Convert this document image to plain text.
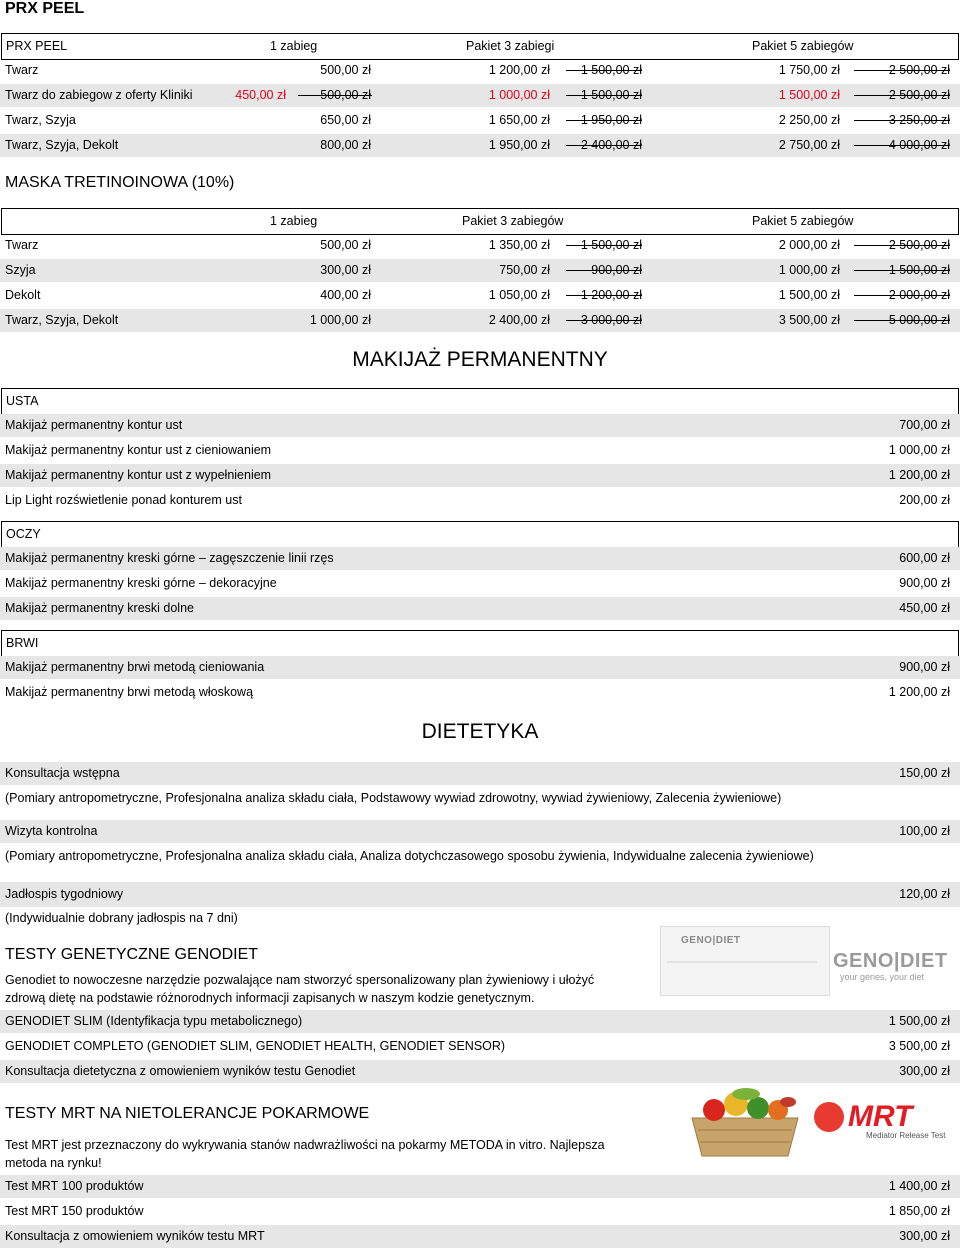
PRX PEEL
PRX PEEL	1 zabieg	Pakiet 3 zabiegi	Pakiet 5 zabiegów
Twarz	500,00 zł	1 200,00 zł 1 500,00 zł	1 750,00 zł	2 500,00 zł
Twarz do zabiegow z oferty Kliniki	450,00 zł	500,00 zł	1 000,00 zł 1 500,00 zł	1 500,00 zł	2 500,00 zł
Twarz, Szyja	650,00 zł	1 650,00 zł 1 950,00 zł	2 250,00 zł	3 250,00 zł
Twarz, Szyja, Dekolt	800,00 zł	1 950,00 zł 2 400,00 zł	2 750,00 zł	4 000,00 zł
MASKA TRETINOINOWA (10%)
1 zabieg	Pakiet 3 zabiegów	Pakiet 5 zabiegów
Twarz	500,00 zł	1 350,00 zł 1 500,00 zł	2 000,00 zł	2 500,00 zł
Szyja	300,00 zł	750,00 zł	900,00 zł	1 000,00 zł	1 500,00 zł
Dekolt	400,00 zł	1 050,00 zł 1 200,00 zł	1 500,00 zł	2 000,00 zł
Twarz, Szyja, Dekolt	1 000,00 zł	2 400,00 zł 3 000,00 zł	3 500,00 zł	5 000,00 zł
MAKIJAŻ PERMANENTNY
USTA
Makijaż permanentny kontur ust	700,00 zł
Makijaż permanentny kontur ust z cieniowaniem	1 000,00 zł
Makijaż permanentny kontur ust z wypełnieniem	1 200,00 zł
Lip Light rozświetlenie ponad konturem ust	200,00 zł
OCZY
Makijaż permanentny kreski górne – zagęszczenie linii rzęs	600,00 zł
Makijaż permanentny kreski górne – dekoracyjne	900,00 zł
Makijaż permanentny kreski dolne	450,00 zł
BRWI
Makijaż permanentny brwi metodą cieniowania	900,00 zł
Makijaż permanentny brwi metodą włoskową	1 200,00 zł
DIETETYKA
Konsultacja wstępna	150,00 zł
(Pomiary antropometryczne, Profesjonalna analiza składu ciała, Podstawowy wywiad zdrowotny, wywiad żywieniowy, Zalecenia żywieniowe)
Wizyta kontrolna	100,00 zł
(Pomiary antropometryczne, Profesjonalna analiza składu ciała, Analiza dotychczasowego sposobu żywienia, Indywidualne zalecenia żywieniowe)
Jadłospis tygodniowy	120,00 zł
(Indywidualnie dobrany jadłospis na 7 dni)
TESTY GENETYCZNE GENODIET
Genodiet to nowoczesne narzędzie pozwalające nam stworzyć spersonalizowany plan żywieniowy i ułożyć
zdrową dietę na podstawie różnorodnych informacji zapisanych w naszym kodzie genetycznym.
GENO|DIET
GENO|DIET
your genes, your diet
GENODIET SLIM (Identyfikacja typu metabolicznego)	1 500,00 zł
GENODIET COMPLETO (GENODIET SLIM, GENODIET HEALTH, GENODIET SENSOR)	3 500,00 zł
Konsultacja dietetyczna z omowieniem wyników testu Genodiet	300,00 zł
TESTY MRT NA NIETOLERANCJE POKARMOWE
Test MRT jest przeznaczony do wykrywania stanów nadwrażliwości na pokarmy METODA in vitro. Najlepsza
metoda na rynku!
MRT
Mediator Release Test
Test MRT 100 produktów	1 400,00 zł
Test MRT 150 produktów	1 850,00 zł
Konsultacja z omowieniem wyników testu MRT	300,00 zł
